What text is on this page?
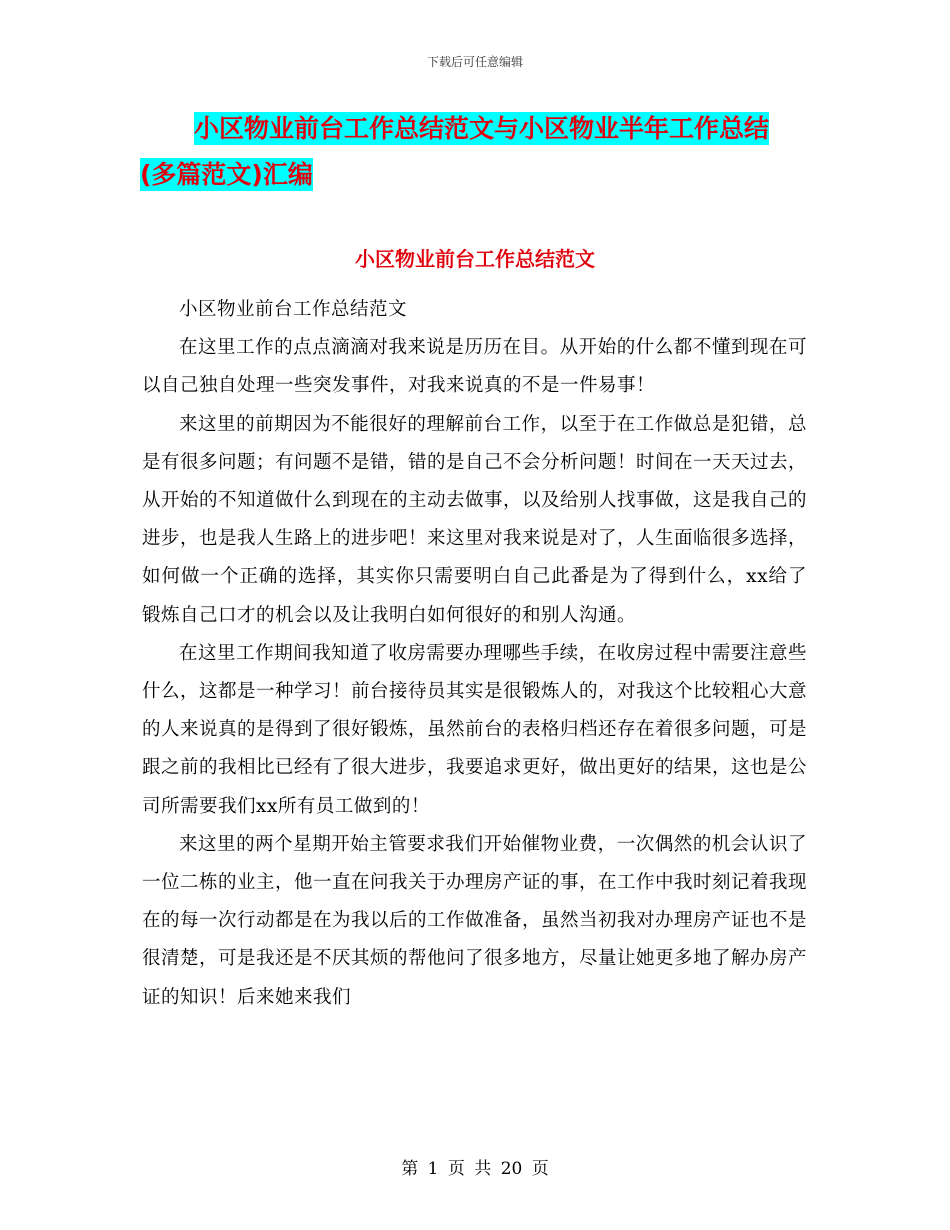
下载后可任意编辑
小区物业前台工作总结范文与小区物业半年工作总结
(多篇范文)汇编
小区物业前台工作总结范文

小区物业前台工作总结范文

在这里工作的点点滴滴对我来说是历历在目。从开始的什么都不懂到现在可以自己独自处理一些突发事件，对我来说真的不是一件易事！

来这里的前期因为不能很好的理解前台工作，以至于在工作做总是犯错，总是有很多问题；有问题不是错，错的是自己不会分析问题！时间在一天天过去，从开始的不知道做什么到现在的主动去做事，以及给别人找事做，这是我自己的进步，也是我人生路上的进步吧！来这里对我来说是对了，人生面临很多选择，如何做一个正确的选择，其实你只需要明白自己此番是为了得到什么，xx给了锻炼自己口才的机会以及让我明白如何很好的和别人沟通。

在这里工作期间我知道了收房需要办理哪些手续，在收房过程中需要注意些什么，这都是一种学习！前台接待员其实是很锻炼人的，对我这个比较粗心大意的人来说真的是得到了很好锻炼，虽然前台的表格归档还存在着很多问题，可是跟之前的我相比已经有了很大进步，我要追求更好，做出更好的结果，这也是公司所需要我们xx所有员工做到的！

来这里的两个星期开始主管要求我们开始催物业费，一次偶然的机会认识了一位二栋的业主，他一直在问我关于办理房产证的事，在工作中我时刻记着我现在的每一次行动都是在为我以后的工作做准备，虽然当初我对办理房产证也不是很清楚，可是我还是不厌其烦的帮他问了很多地方，尽量让她更多地了解办房产证的知识！后来她来我们

第 1 页 共 20 页
